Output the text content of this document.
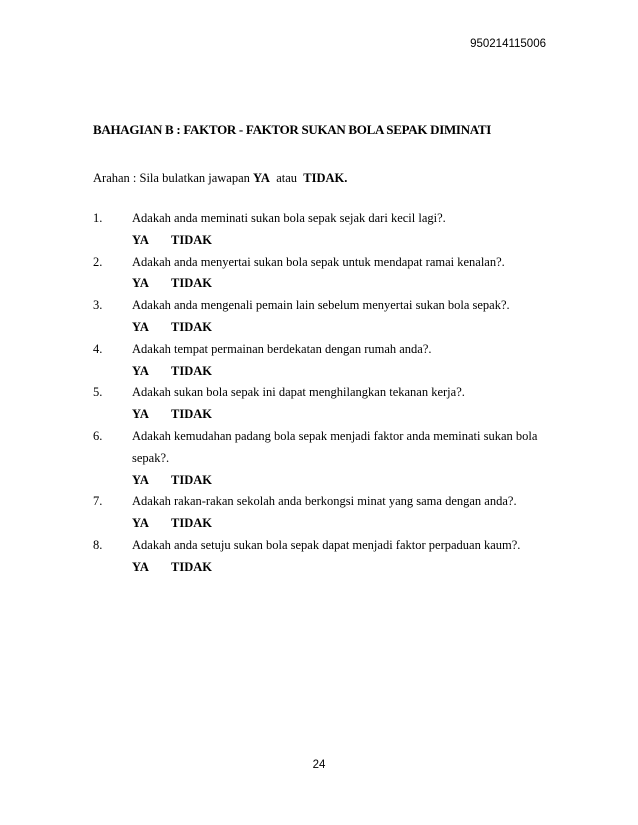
950214115006
BAHAGIAN B : FAKTOR - FAKTOR SUKAN BOLA SEPAK DIMINATI
Arahan : Sila bulatkan jawapan YA  atau  TIDAK.
1.	Adakah anda meminati sukan bola sepak sejak dari kecil lagi?.
YA	TIDAK
2.	Adakah anda menyertai sukan bola sepak untuk mendapat ramai kenalan?.
YA	TIDAK
3.	Adakah anda mengenali pemain lain sebelum menyertai sukan bola sepak?.
YA	TIDAK
4.	Adakah tempat permainan berdekatan dengan rumah anda?.
YA	TIDAK
5.	Adakah sukan bola sepak ini dapat menghilangkan tekanan kerja?.
YA	TIDAK
6.	Adakah kemudahan padang bola sepak menjadi faktor anda meminati sukan bola sepak?.
YA	TIDAK
7.	Adakah rakan-rakan sekolah anda berkongsi minat yang sama dengan anda?.
YA	TIDAK
8.	Adakah anda setuju sukan bola sepak dapat menjadi faktor perpaduan kaum?.
YA	TIDAK
24
